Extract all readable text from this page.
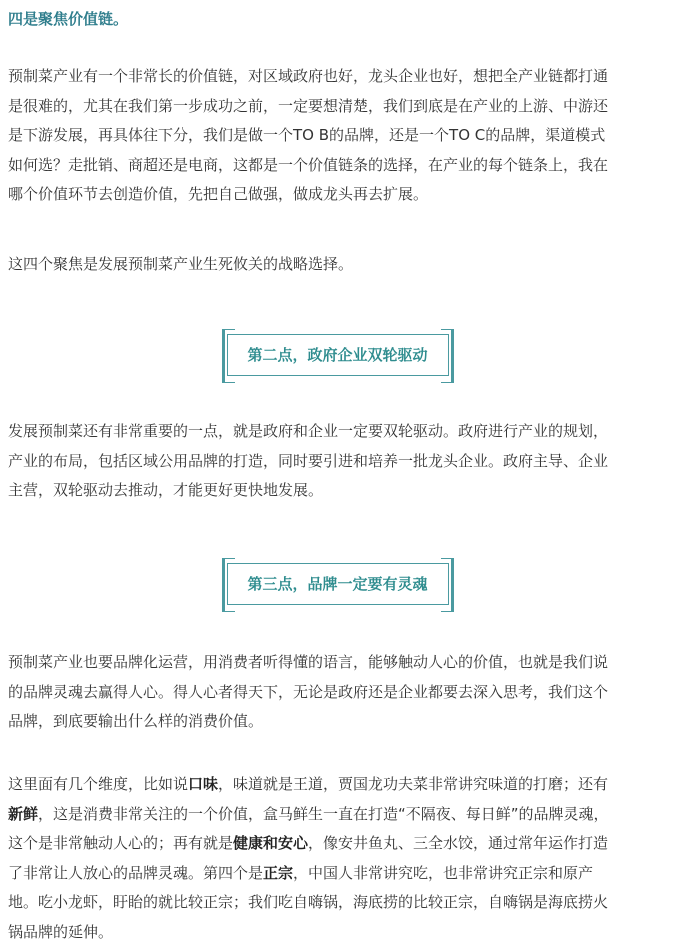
四是聚焦价值链。

预制菜产业有一个非常长的价值链，对区域政府也好，龙头企业也好，想把全产业链都打通
是很难的，尤其在我们第一步成功之前，一定要想清楚，我们到底是在产业的上游、中游还
是下游发展，再具体往下分，我们是做一个TO B的品牌，还是一个TO C的品牌，渠道模式
如何选？走批销、商超还是电商，这都是一个价值链条的选择，在产业的每个链条上，我在
哪个价值环节去创造价值，先把自己做强，做成龙头再去扩展。

这四个聚焦是发展预制菜产业生死攸关的战略选择。

第二点，政府企业双轮驱动

发展预制菜还有非常重要的一点，就是政府和企业一定要双轮驱动。政府进行产业的规划，
产业的布局，包括区域公用品牌的打造，同时要引进和培养一批龙头企业。政府主导、企业
主营，双轮驱动去推动，才能更好更快地发展。

第三点，品牌一定要有灵魂

预制菜产业也要品牌化运营，用消费者听得懂的语言，能够触动人心的价值，也就是我们说
的品牌灵魂去赢得人心。得人心者得天下，无论是政府还是企业都要去深入思考，我们这个
品牌，到底要输出什么样的消费价值。

这里面有几个维度，比如说口味，味道就是王道，贾国龙功夫菜非常讲究味道的打磨；还有
新鲜，这是消费非常关注的一个价值，盒马鲜生一直在打造“不隔夜、每日鲜”的品牌灵魂，
这个是非常触动人心的；再有就是健康和安心，像安井鱼丸、三全水饺，通过常年运作打造
了非常让人放心的品牌灵魂。第四个是正宗，中国人非常讲究吃，也非常讲究正宗和原产
地。吃小龙虾，盱眙的就比较正宗；我们吃自嗨锅，海底捞的比较正宗，自嗨锅是海底捞火
锅品牌的延伸。
